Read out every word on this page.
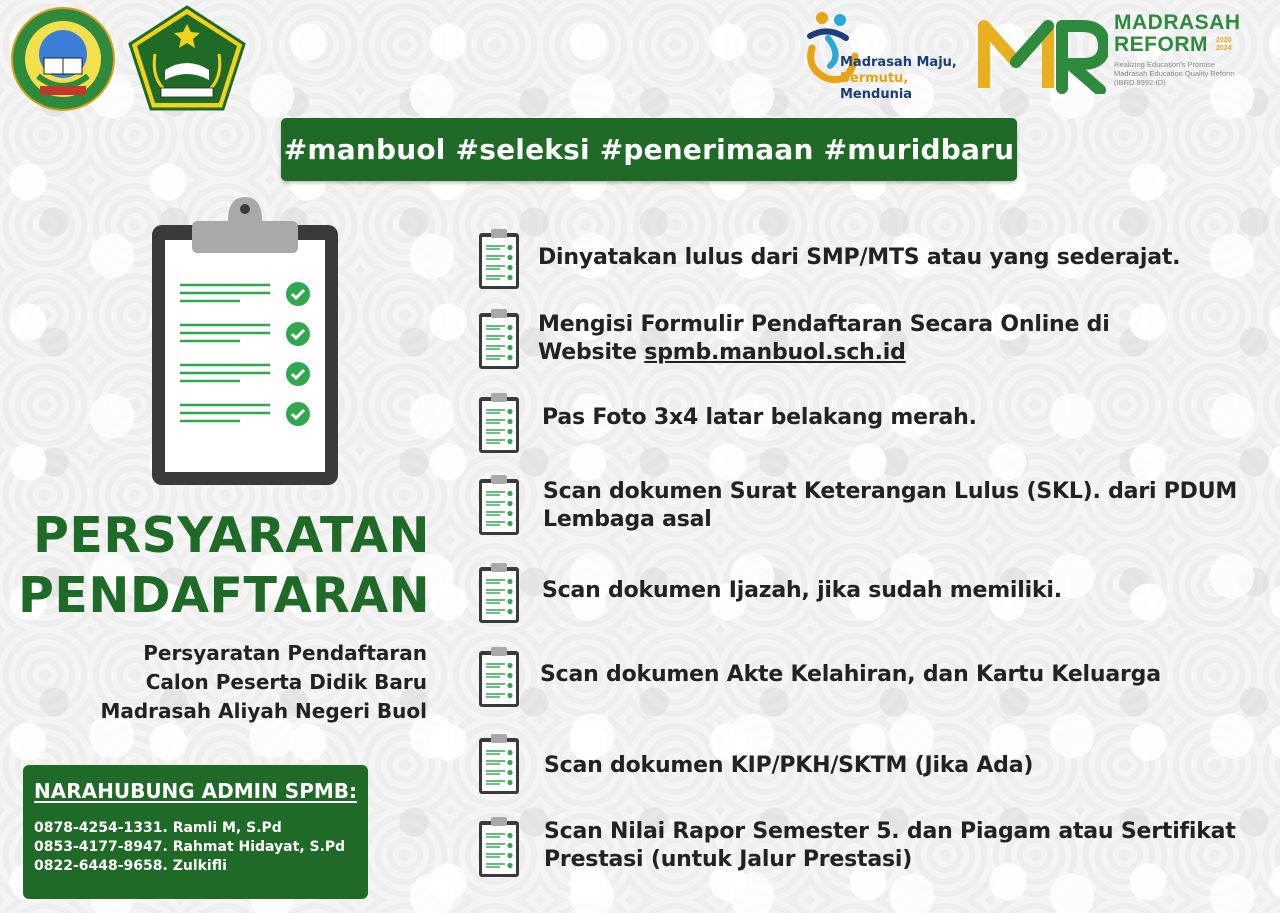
Madrasah Maju,
Bermutu,
Mendunia
MADRASAH
REFORM	2020
2024
Realizing Education's Promise
Madrasah Education Quality Reform
(IBRD 8992-ID)
#manbuol #seleksi #penerimaan #muridbaru
PERSYARATAN
PENDAFTARAN
Persyaratan Pendaftaran
Calon Peserta Didik Baru
Madrasah Aliyah Negeri Buol
NARAHUBUNG ADMIN SPMB:
0878-4254-1331. Ramli M, S.Pd
0853-4177-8947. Rahmat Hidayat, S.Pd
0822-6448-9658. Zulkifli
Dinyatakan lulus dari SMP/MTS atau yang sederajat.
Mengisi Formulir Pendaftaran Secara Online di
Website spmb.manbuol.sch.id
Pas Foto 3x4 latar belakang merah.
Scan dokumen Surat Keterangan Lulus (SKL). dari PDUM
Lembaga asal
Scan dokumen Ijazah, jika sudah memiliki.
Scan dokumen Akte Kelahiran, dan Kartu Keluarga
Scan dokumen KIP/PKH/SKTM (Jika Ada)
Scan Nilai Rapor Semester 5. dan Piagam atau Sertifikat
Prestasi (untuk Jalur Prestasi)
